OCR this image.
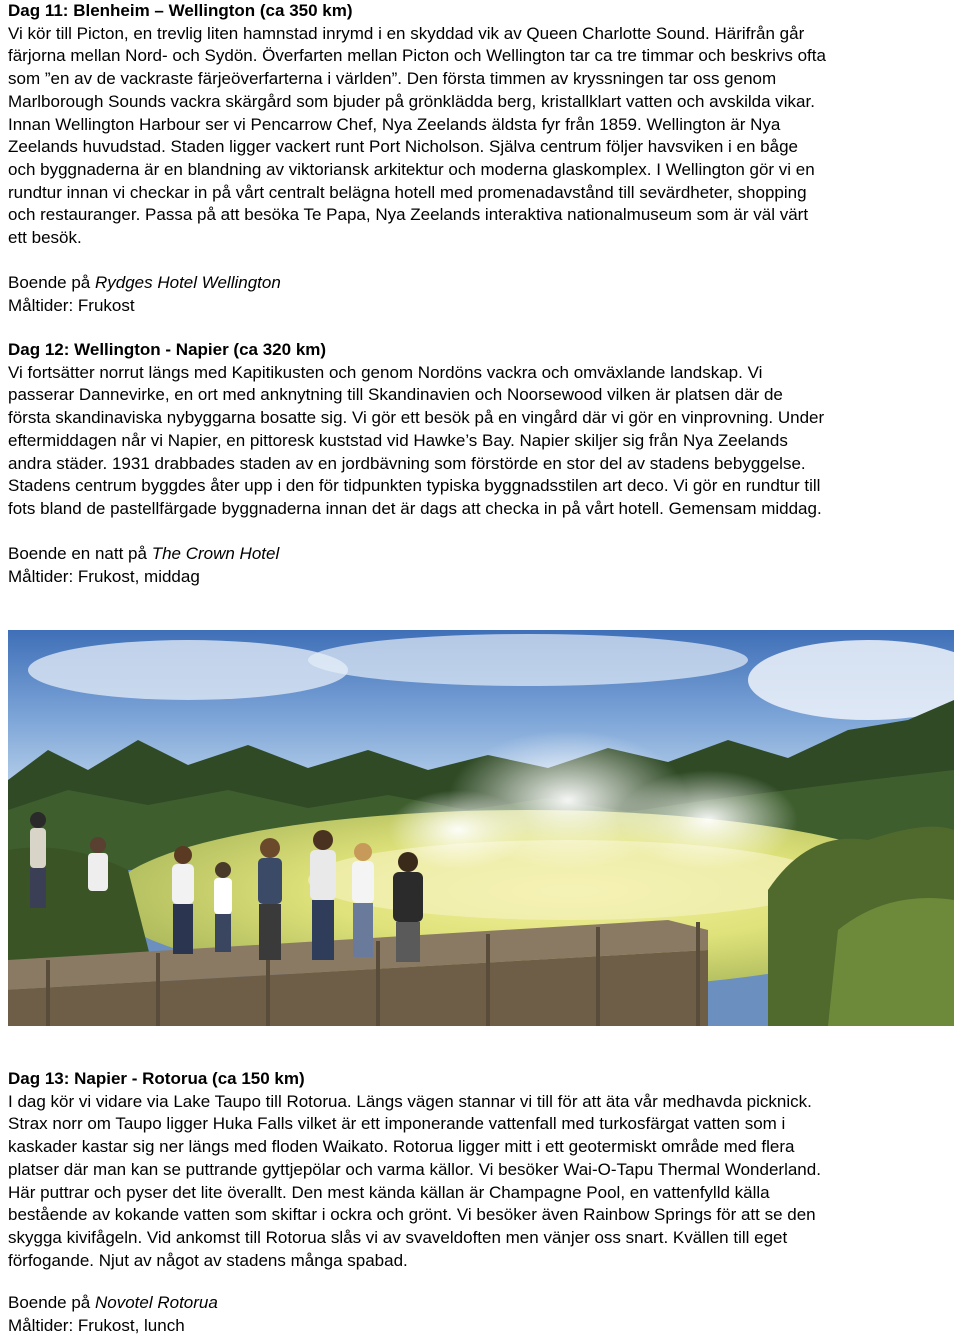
Dag 11: Blenheim – Wellington (ca 350 km)
Vi kör till Picton, en trevlig liten hamnstad inrymd i en skyddad vik av Queen Charlotte Sound. Härifrån går
färjorna mellan Nord- och Sydön. Överfarten mellan Picton och Wellington tar ca tre timmar och beskrivs ofta
som ”en av de vackraste färjeöverfarterna i världen”. Den första timmen av kryssningen tar oss genom
Marlborough Sounds vackra skärgård som bjuder på grönklädda berg, kristallklart vatten och avskilda vikar.
Innan Wellington Harbour ser vi Pencarrow Chef, Nya Zeelands äldsta fyr från 1859. Wellington är Nya
Zeelands huvudstad. Staden ligger vackert runt Port Nicholson. Själva centrum följer havsviken i en båge
och byggnaderna är en blandning av viktoriansk arkitektur och moderna glaskomplex. I Wellington gör vi en
rundtur innan vi checkar in på vårt centralt belägna hotell med promenadavstånd till sevärdheter, shopping
och restauranger. Passa på att besöka Te Papa, Nya Zeelands interaktiva nationalmuseum som är väl värt
ett besök.

Boende på Rydges Hotel Wellington

Måltider: Frukost

Dag 12: Wellington - Napier (ca 320 km)
Vi fortsätter norrut längs med Kapitikusten och genom Nordöns vackra och omväxlande landskap. Vi
passerar Dannevirke, en ort med anknytning till Skandinavien och Noorsewood vilken är platsen där de
första skandinaviska nybyggarna bosatte sig. Vi gör ett besök på en vingård där vi gör en vinprovning. Under
eftermiddagen når vi Napier, en pittoresk kuststad vid Hawke’s Bay. Napier skiljer sig från Nya Zeelands
andra städer. 1931 drabbades staden av en jordbävning som förstörde en stor del av stadens bebyggelse.
Stadens centrum byggdes åter upp i den för tidpunkten typiska byggnadsstilen art deco. Vi gör en rundtur till
fots bland de pastellfärgade byggnaderna innan det är dags att checka in på vårt hotell. Gemensam middag.

Boende en natt på The Crown Hotel

Måltider: Frukost, middag

Dag 13: Napier - Rotorua (ca 150 km)
I dag kör vi vidare via Lake Taupo till Rotorua. Längs vägen stannar vi till för att äta vår medhavda picknick.
Strax norr om Taupo ligger Huka Falls vilket är ett imponerande vattenfall med turkosfärgat vatten som i
kaskader kastar sig ner längs med floden Waikato. Rotorua ligger mitt i ett geotermiskt område med flera
platser där man kan se puttrande gyttjepölar och varma källor. Vi besöker Wai-O-Tapu Thermal Wonderland.
Här puttrar och pyser det lite överallt. Den mest kända källan är Champagne Pool, en vattenfylld källa
bestående av kokande vatten som skiftar i ockra och grönt. Vi besöker även Rainbow Springs för att se den
skygga kivifågeln. Vid ankomst till Rotorua slås vi av svaveldoften men vänjer oss snart. Kvällen till eget
förfogande. Njut av något av stadens många spabad.

Boende på Novotel Rotorua

Måltider: Frukost, lunch
